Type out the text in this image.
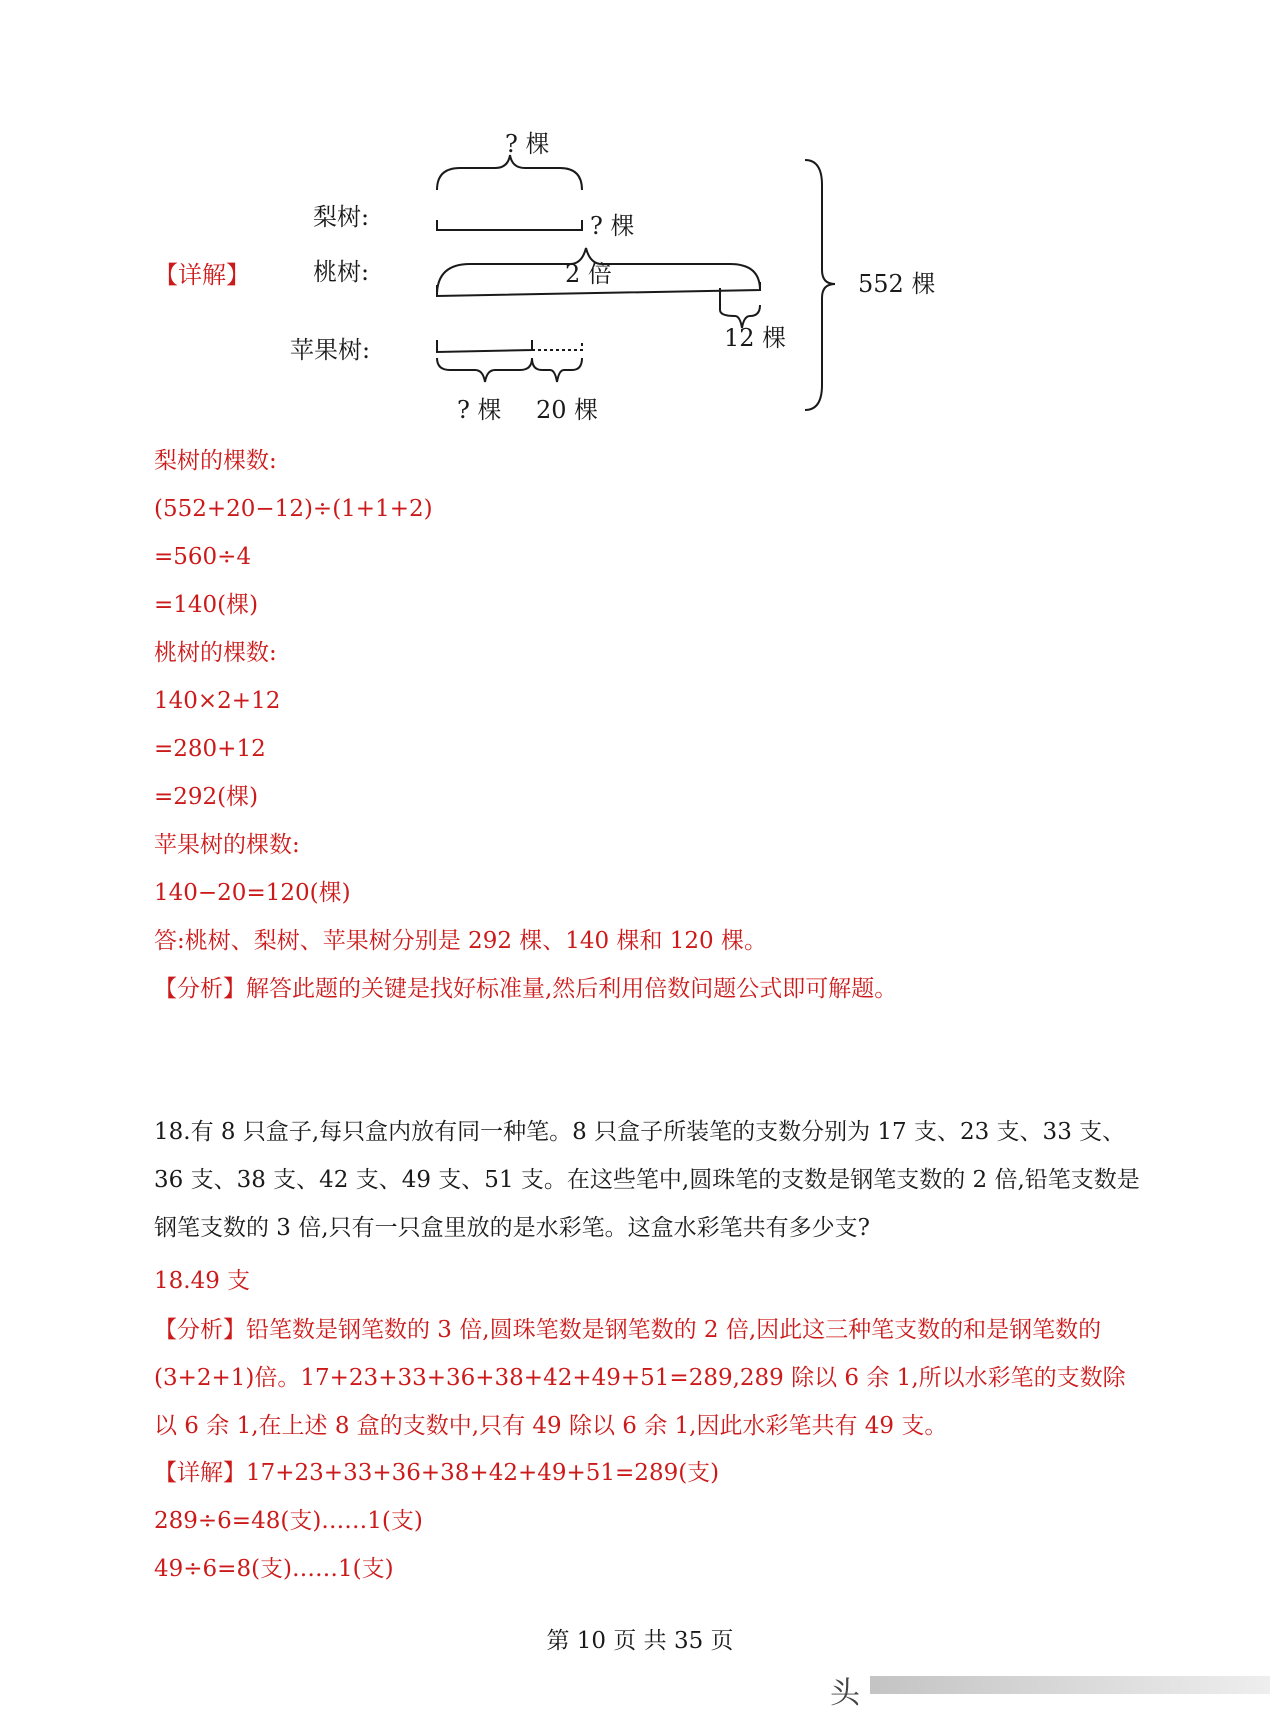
? 棵
梨树:	? 棵
桃树:	2 倍
12 棵
苹果树:
? 棵 20 棵
552 棵
【详解】
梨树的棵数:
(552+20−12)÷(1+1+2)
=560÷4
=140(棵)
桃树的棵数:
140×2+12
=280+12
=292(棵)
苹果树的棵数:
140−20=120(棵)
答:桃树、梨树、苹果树分别是 292 棵、140 棵和 120 棵。
【分析】解答此题的关键是找好标准量,然后利用倍数问题公式即可解题。
18.有 8 只盒子,每只盒内放有同一种笔。8 只盒子所装笔的支数分别为 17 支、23 支、33 支、36 支、38 支、42 支、49 支、51 支。在这些笔中,圆珠笔的支数是钢笔支数的 2 倍,铅笔支数是钢笔支数的 3 倍,只有一只盒里放的是水彩笔。这盒水彩笔共有多少支?
18.49 支
【分析】铅笔数是钢笔数的 3 倍,圆珠笔数是钢笔数的 2 倍,因此这三种笔支数的和是钢笔数的(3+2+1)倍。17+23+33+36+38+42+49+51=289,289 除以 6 余 1,所以水彩笔的支数除以 6 余 1,在上述 8 盒的支数中,只有 49 除以 6 余 1,因此水彩笔共有 49 支。
【详解】17+23+33+36+38+42+49+51=289(支)
289÷6=48(支)……1(支)
49÷6=8(支)……1(支)
第 10 页 共 35 页
头
